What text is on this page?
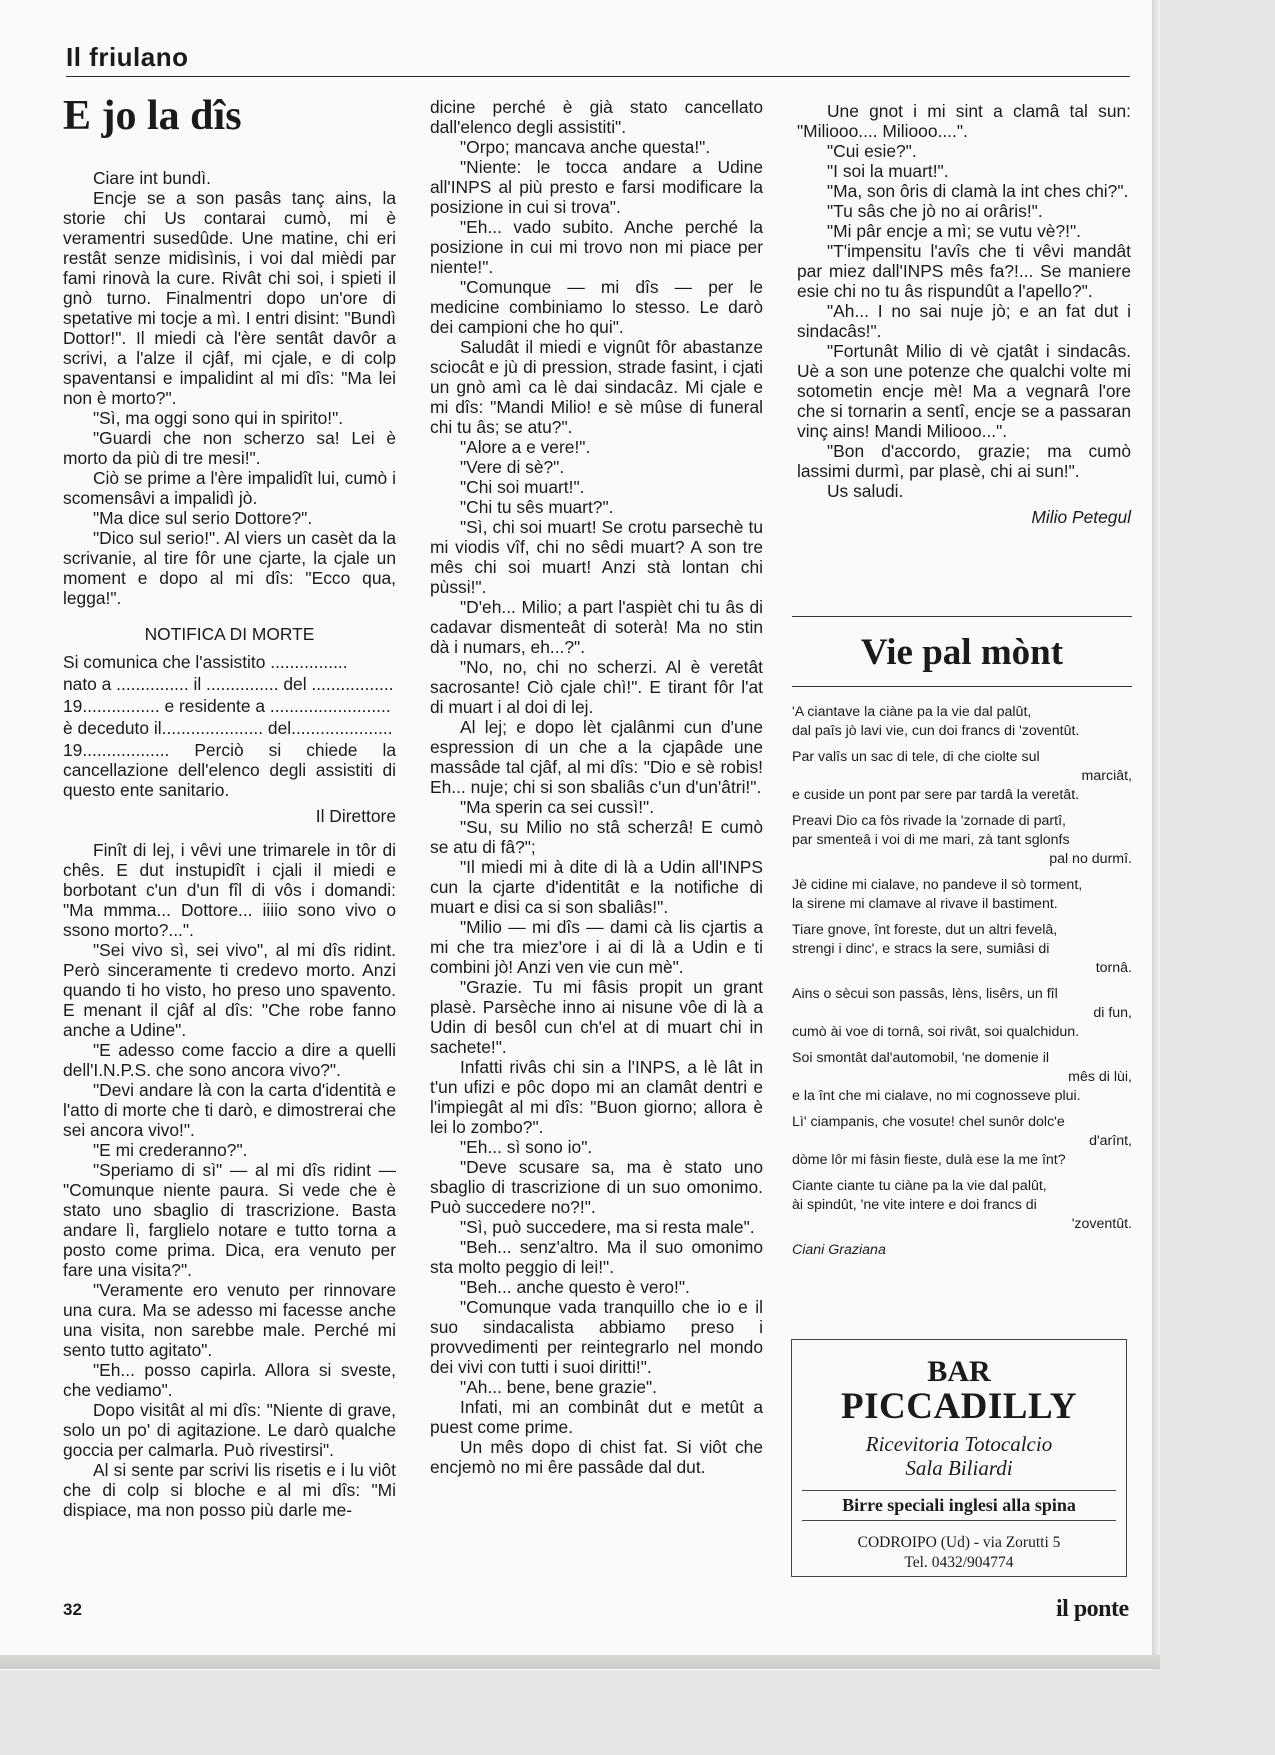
Il friulano
E jo la dîs

Ciare int bundì.

Encje se a son pasâs tanç ains, la storie chi Us contarai cumò, mi è veramentri susedûde. Une matine, chi eri restât senze midisìnis, i voi dal mièdi par fami rinovà la cure. Rivât chi soi, i spieti il gnò turno. Finalmentri dopo un'ore di spetative mi tocje a mì. I entri disint: "Bundì Dottor!". Il miedi cà l'ère sentât davôr a scrivi, a l'alze il cjâf, mi cjale, e di colp spaventansi e impalidint al mi dîs: "Ma lei non è morto?".

"Sì, ma oggi sono qui in spirito!".

"Guardi che non scherzo sa! Lei è morto da più di tre mesi!".

Ciò se prime a l'ère impalidît lui, cumò i scomensâvi a impalidì jò.

"Ma dice sul serio Dottore?".

"Dico sul serio!". Al viers un casèt da la scrivanie, al tire fôr une cjarte, la cjale un moment e dopo al mi dîs: "Ecco qua, legga!".

NOTIFICA DI MORTE

Si comunica che l'assistito ................

nato a ............... il ............... del .................

19................ e residente a .........................

è deceduto il..................... del.....................

19.................. Perciò si chiede la cancellazione dell'elenco degli assistiti di questo ente sanitario.

Il Direttore

Finît di lej, i vêvi une trimarele in tôr di chês. E dut instupidît i cjali il miedi e borbotant c'un d'un fîl di vôs i domandi: "Ma mmma... Dottore... iiiio sono vivo o ssono morto?...".

"Sei vivo sì, sei vivo", al mi dîs ridint. Però sinceramente ti credevo morto. Anzi quando ti ho visto, ho preso uno spavento. E menant il cjâf al dîs: "Che robe fanno anche a Udine".

"E adesso come faccio a dire a quelli dell'I.N.P.S. che sono ancora vivo?".

"Devi andare là con la carta d'identità e l'atto di morte che ti darò, e dimostrerai che sei ancora vivo!".

"E mi crederanno?".

"Speriamo di sì" — al mi dîs ridint — "Comunque niente paura. Si vede che è stato uno sbaglio di trascrizione. Basta andare lì, farglielo notare e tutto torna a posto come prima. Dica, era venuto per fare una visita?".

"Veramente ero venuto per rinnovare una cura. Ma se adesso mi facesse anche una visita, non sarebbe male. Perché mi sento tutto agitato".

"Eh... posso capirla. Allora si sveste, che vediamo".

Dopo visitât al mi dîs: "Niente di grave, solo un po' di agitazione. Le darò qualche goccia per calmarla. Può rivestirsi".

Al si sente par scrivi lis risetis e i lu viôt che di colp si bloche e al mi dîs: "Mi dispiace, ma non posso più darle me-

dicine perché è già stato cancellato dall'elenco degli assistiti".

"Orpo; mancava anche questa!".

"Niente: le tocca andare a Udine all'INPS al più presto e farsi modificare la posizione in cui si trova".

"Eh... vado subito. Anche perché la posizione in cui mi trovo non mi piace per niente!".

"Comunque — mi dîs — per le medicine combiniamo lo stesso. Le darò dei campioni che ho qui".

Saludât il miedi e vignût fôr abastanze sciocât e jù di pression, strade fasint, i cjati un gnò amì ca lè dai sindacâz. Mi cjale e mi dîs: "Mandi Milio! e sè mûse di funeral chi tu âs; se atu?".

"Alore a e vere!".

"Vere di sè?".

"Chi soi muart!".

"Chi tu sês muart?".

"Sì, chi soi muart! Se crotu parsechè tu mi viodis vîf, chi no sêdi muart? A son tre mês chi soi muart! Anzi stà lontan chi pùssi!".

"D'eh... Milio; a part l'aspièt chi tu âs di cadavar dismenteât di soterà! Ma no stin dà i numars, eh...?".

"No, no, chi no scherzi. Al è veretât sacrosante! Ciò cjale chì!". E tirant fôr l'at di muart i al doi di lej.

Al lej; e dopo lèt cjalânmi cun d'une espression di un che a la cjapâde une massâde tal cjâf, al mi dîs: "Dio e sè robis! Eh... nuje; chi si son sbaliâs c'un d'un'âtri!".

"Ma sperin ca sei cussì!".

"Su, su Milio no stâ scherzâ! E cumò se atu di fâ?";

"Il miedi mi à dite di là a Udin all'INPS cun la cjarte d'identitât e la notifiche di muart e disi ca si son sbaliâs!".

"Milio — mi dîs — dami cà lis cjartis a mi che tra miez'ore i ai di là a Udin e ti combini jò! Anzi ven vie cun mè".

"Grazie. Tu mi fâsis propit un grant plasè. Parsèche inno ai nisune vôe di là a Udin di besôl cun ch'el at di muart chi in sachete!".

Infatti rivâs chi sin a l'INPS, a lè lât in t'un ufizi e pôc dopo mi an clamât dentri e l'impiegât al mi dîs: "Buon giorno; allora è lei lo zombo?".

"Eh... sì sono io".

"Deve scusare sa, ma è stato uno sbaglio di trascrizione di un suo omonimo. Può succedere no?!".

"Sì, può succedere, ma si resta male".

"Beh... senz'altro. Ma il suo omonimo sta molto peggio di lei!".

"Beh... anche questo è vero!".

"Comunque vada tranquillo che io e il suo sindacalista abbiamo preso i provvedimenti per reintegrarlo nel mondo dei vivi con tutti i suoi diritti!".

"Ah... bene, bene grazie".

Infati, mi an combinât dut e metût a puest come prime.

Un mês dopo di chist fat. Si viôt che encjemò no mi êre passâde dal dut.

Une gnot i mi sint a clamâ tal sun: "Miliooo.... Miliooo....".

"Cui esie?".

"I soi la muart!".

"Ma, son ôris di clamà la int ches chi?".

"Tu sâs che jò no ai orâris!".

"Mi pâr encje a mì; se vutu vè?!".

"T'impensitu l'avîs che ti vêvi mandât par miez dall'INPS mês fa?!... Se maniere esie chi no tu âs rispundût a l'apello?".

"Ah... I no sai nuje jò; e an fat dut i sindacâs!".

"Fortunât Milio di vè cjatât i sindacâs. Uè a son une potenze che qualchi volte mi sotometin encje mè! Ma a vegnarâ l'ore che si tornarin a sentî, encje se a passaran vinç ains! Mandi Miliooo...".

"Bon d'accordo, grazie; ma cumò lassimi durmì, par plasè, chi ai sun!".

Us saludi.

Milio Petegul
Vie pal mònt
'A ciantave la ciàne pa la vie dal palût,
dal paîs jò lavi vie, cun doi francs di 'zoventût.
Par valîs un sac di tele, di che ciolte sul
marciât,
e cuside un pont par sere par tardâ la veretât.
Preavi Dio ca fòs rivade la 'zornade di partî,
par smenteâ i voi di me mari, zà tant sglonfs
pal no durmî.
Jè cidine mi cialave, no pandeve il sò torment,
la sirene mi clamave al rivave il bastiment.
Tiare gnove, înt foreste, dut un altri fevelâ,
strengi i dinc', e stracs la sere, sumiâsi di
tornâ.
Ains o sècui son passâs, lèns, lisêrs, un fîl
di fun,
cumò ài voe di tornâ, soi rivât, soi qualchidun.
Soi smontât dal'automobil, 'ne domenie il
mês di lùi,
e la înt che mi cialave, no mi cognosseve plui.
Lì' ciampanis, che vosute! chel sunôr dolc'e
d'arînt,
dòme lôr mi fàsin fieste, dulà ese la me înt?
Ciante ciante tu ciàne pa la vie dal palût,
ài spindût, 'ne vite intere e doi francs di
'zoventût.
Ciani Graziana
BAR
PICCADILLY
Ricevitoria Totocalcio
Sala Biliardi
Birre speciali inglesi alla spina
CODROIPO (Ud) - via Zorutti 5
Tel. 0432/904774
32	il ponte
